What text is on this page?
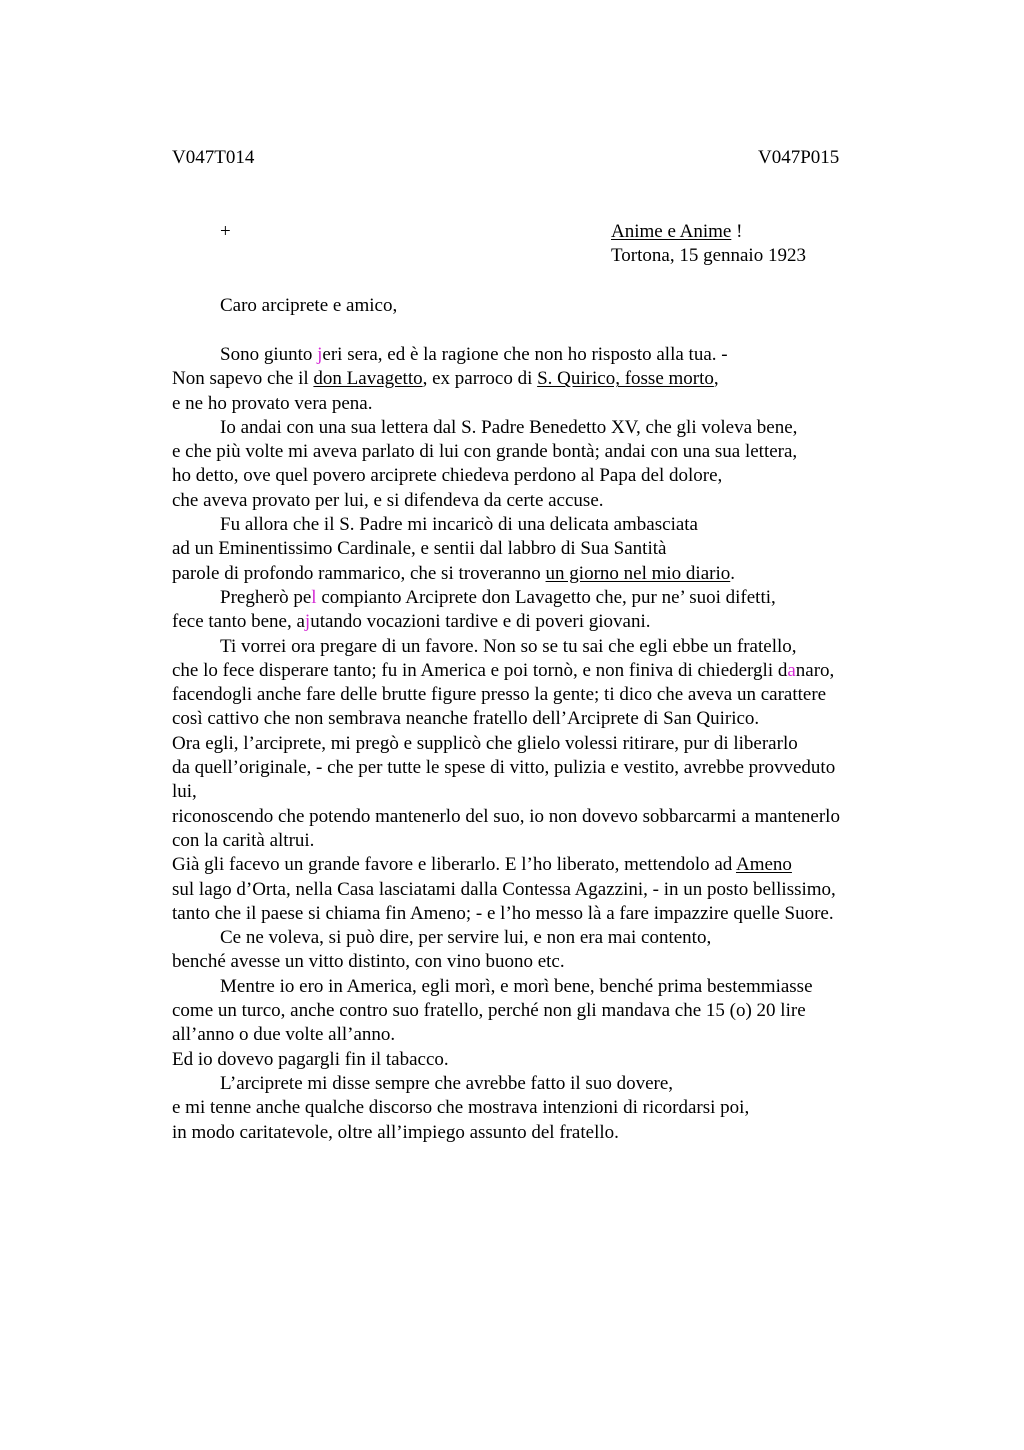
V047T014	V047P015
+	Anime e Anime !
Tortona, 15 gennaio 1923
Caro arciprete e amico,
Sono giunto jeri sera, ed è la ragione che non ho risposto alla tua. -
Non sapevo che il don Lavagetto, ex parroco di S. Quirico, fosse morto,
e ne ho provato vera pena.
Io andai con una sua lettera dal S. Padre Benedetto XV, che gli voleva bene,
e che più volte mi aveva parlato di lui con grande bontà; andai con una sua lettera,
ho detto, ove quel povero arciprete chiedeva perdono al Papa del dolore,
che aveva provato per lui, e si difendeva da certe accuse.
Fu allora che il S. Padre mi incaricò di una delicata ambasciata
ad un Eminentissimo Cardinale, e sentii dal labbro di Sua Santità
parole di profondo rammarico, che si troveranno un giorno nel mio diario.
Pregherò pel compianto Arciprete don Lavagetto che, pur ne’ suoi difetti,
fece tanto bene, ajutando vocazioni tardive e di poveri giovani.
Ti vorrei ora pregare di un favore. Non so se tu sai che egli ebbe un fratello,
che lo fece disperare tanto; fu in America e poi tornò, e non finiva di chiedergli danaro,
facendogli anche fare delle brutte figure presso la gente; ti dico che aveva un carattere
così cattivo che non sembrava neanche fratello dell’Arciprete di San Quirico.
Ora egli, l’arciprete, mi pregò e supplicò che glielo volessi ritirare, pur di liberarlo
da quell’originale, - che per tutte le spese di vitto, pulizia e vestito, avrebbe provveduto
lui,
riconoscendo che potendo mantenerlo del suo, io non dovevo sobbarcarmi a mantenerlo
con la carità altrui.
Già gli facevo un grande favore e liberarlo. E l’ho liberato, mettendolo ad Ameno
sul lago d’Orta, nella Casa lasciatami dalla Contessa Agazzini, - in un posto bellissimo,
tanto che il paese si chiama fin Ameno; - e l’ho messo là a fare impazzire quelle Suore.
Ce ne voleva, si può dire, per servire lui, e non era mai contento,
benché avesse un vitto distinto, con vino buono etc.
Mentre io ero in America, egli morì, e morì bene, benché prima bestemmiasse
come un turco, anche contro suo fratello, perché non gli mandava che 15 (o) 20 lire
all’anno o due volte all’anno.
Ed io dovevo pagargli fin il tabacco.
L’arciprete mi disse sempre che avrebbe fatto il suo dovere,
e mi tenne anche qualche discorso che mostrava intenzioni di ricordarsi poi,
in modo caritatevole, oltre all’impiego assunto del fratello.
